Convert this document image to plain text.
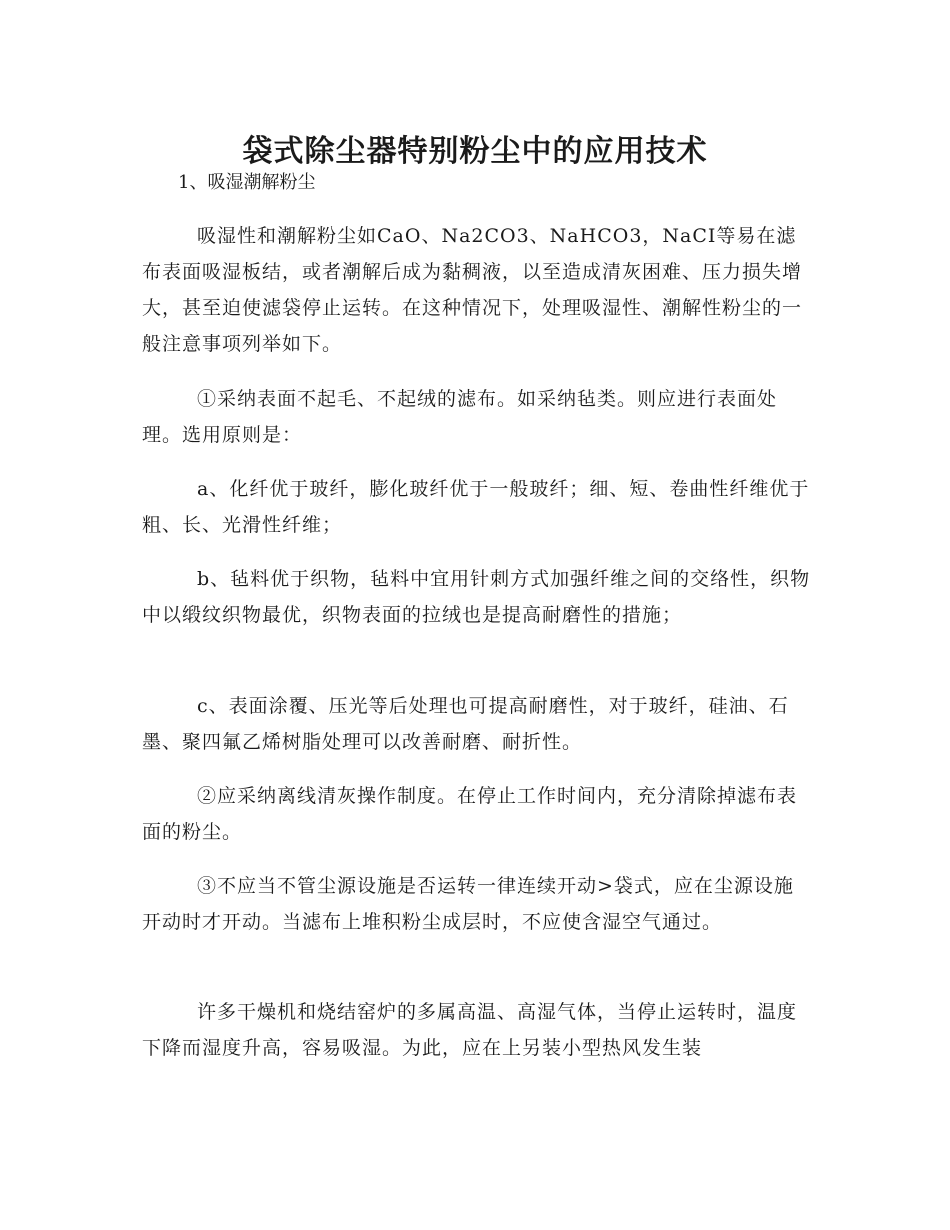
袋式除尘器特别粉尘中的应用技术
1、吸湿潮解粉尘

吸湿性和潮解粉尘如CaO、Na2CO3、NaHCO3，NaCI等易在滤布表面吸湿板结，或者潮解后成为黏稠液，以至造成清灰困难、压力损失增大，甚至迫使滤袋停止运转。在这种情况下，处理吸湿性、潮解性粉尘的一般注意事项列举如下。

①采纳表面不起毛、不起绒的滤布。如采纳毡类。则应进行表面处理。选用原则是：

a、化纤优于玻纤，膨化玻纤优于一般玻纤；细、短、卷曲性纤维优于粗、长、光滑性纤维；

b、毡料优于织物，毡料中宜用针刺方式加强纤维之间的交络性，织物中以缎纹织物最优，织物表面的拉绒也是提高耐磨性的措施；

c、表面涂覆、压光等后处理也可提高耐磨性，对于玻纤，硅油、石墨、聚四氟乙烯树脂处理可以改善耐磨、耐折性。

②应采纳离线清灰操作制度。在停止工作时间内，充分清除掉滤布表面的粉尘。

③不应当不管尘源设施是否运转一律连续开动>袋式，应在尘源设施开动时才开动。当滤布上堆积粉尘成层时，不应使含湿空气通过。

许多干燥机和烧结窑炉的多属高温、高湿气体，当停止运转时，温度下降而湿度升高，容易吸湿。为此，应在上另装小型热风发生装
